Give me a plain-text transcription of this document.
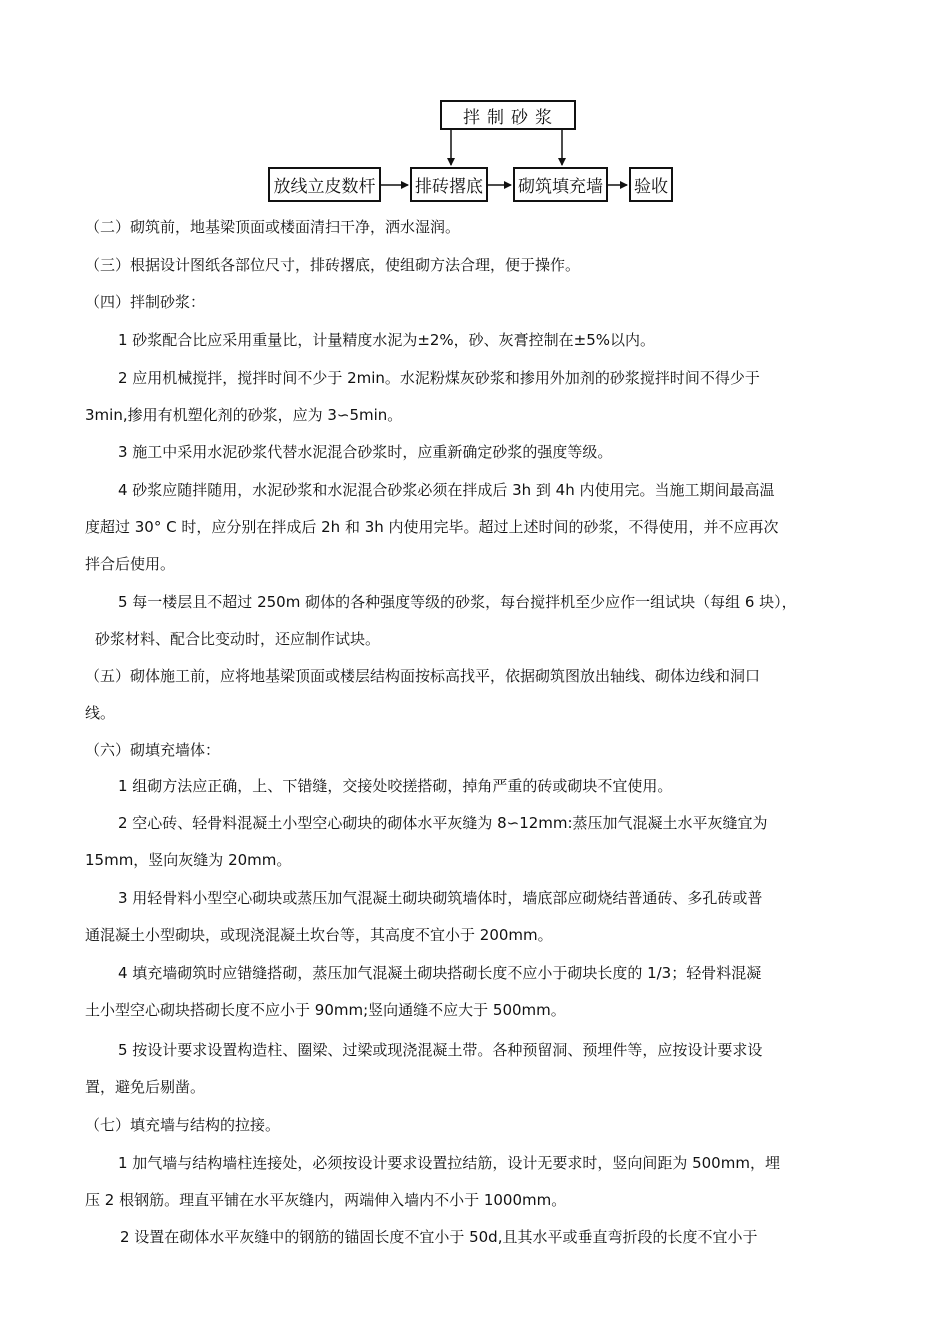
拌制砂浆
放线立皮数杆	排砖撂底 砌筑填充墙 验收
（二）砌筑前，地基梁顶面或楼面清扫干净，洒水湿润。
（三）根据设计图纸各部位尺寸，排砖撂底，使组砌方法合理，便于操作。
（四）拌制砂浆：
1 砂浆配合比应采用重量比，计量精度水泥为±2%，砂、灰膏控制在±5%以内。
2 应用机械搅拌，搅拌时间不少于 2min。水泥粉煤灰砂浆和掺用外加剂的砂浆搅拌时间不得少于
3min,掺用有机塑化剂的砂浆，应为 3∽5min。
3 施工中采用水泥砂浆代替水泥混合砂浆时，应重新确定砂浆的强度等级。
4 砂浆应随拌随用，水泥砂浆和水泥混合砂浆必须在拌成后 3h 到 4h 内使用完。当施工期间最高温
度超过 30° C 时，应分别在拌成后 2h 和 3h 内使用完毕。超过上述时间的砂浆，不得使用，并不应再次
拌合后使用。
5 每一楼层且不超过 250m 砌体的各种强度等级的砂浆，每台搅拌机至少应作一组试块（每组 6 块），
砂浆材料、配合比变动时，还应制作试块。
（五）砌体施工前，应将地基梁顶面或楼层结构面按标高找平，依据砌筑图放出轴线、砌体边线和洞口
线。
（六）砌填充墙体：
1 组砌方法应正确，上、下错缝，交接处咬搓搭砌，掉角严重的砖或砌块不宜使用。
2 空心砖、轻骨料混凝土小型空心砌块的砌体水平灰缝为 8∽12mm:蒸压加气混凝土水平灰缝宜为
15mm，竖向灰缝为 20mm。
3 用轻骨料小型空心砌块或蒸压加气混凝土砌块砌筑墙体时，墙底部应砌烧结普通砖、多孔砖或普
通混凝土小型砌块，或现浇混凝土坎台等，其高度不宜小于 200mm。
4 填充墙砌筑时应错缝搭砌，蒸压加气混凝土砌块搭砌长度不应小于砌块长度的 1/3；轻骨料混凝
土小型空心砌块搭砌长度不应小于 90mm;竖向通缝不应大于 500mm。
5 按设计要求设置构造柱、圈梁、过梁或现浇混凝土带。各种预留洞、预埋件等，应按设计要求设
置，避免后剔凿。
（七）填充墙与结构的拉接。
1 加气墙与结构墙柱连接处，必须按设计要求设置拉结筋，设计无要求时，竖向间距为 500mm，埋
压 2 根钢筋。理直平铺在水平灰缝内，两端伸入墙内不小于 1000mm。
2 设置在砌体水平灰缝中的钢筋的锚固长度不宜小于 50d,且其水平或垂直弯折段的长度不宜小于
